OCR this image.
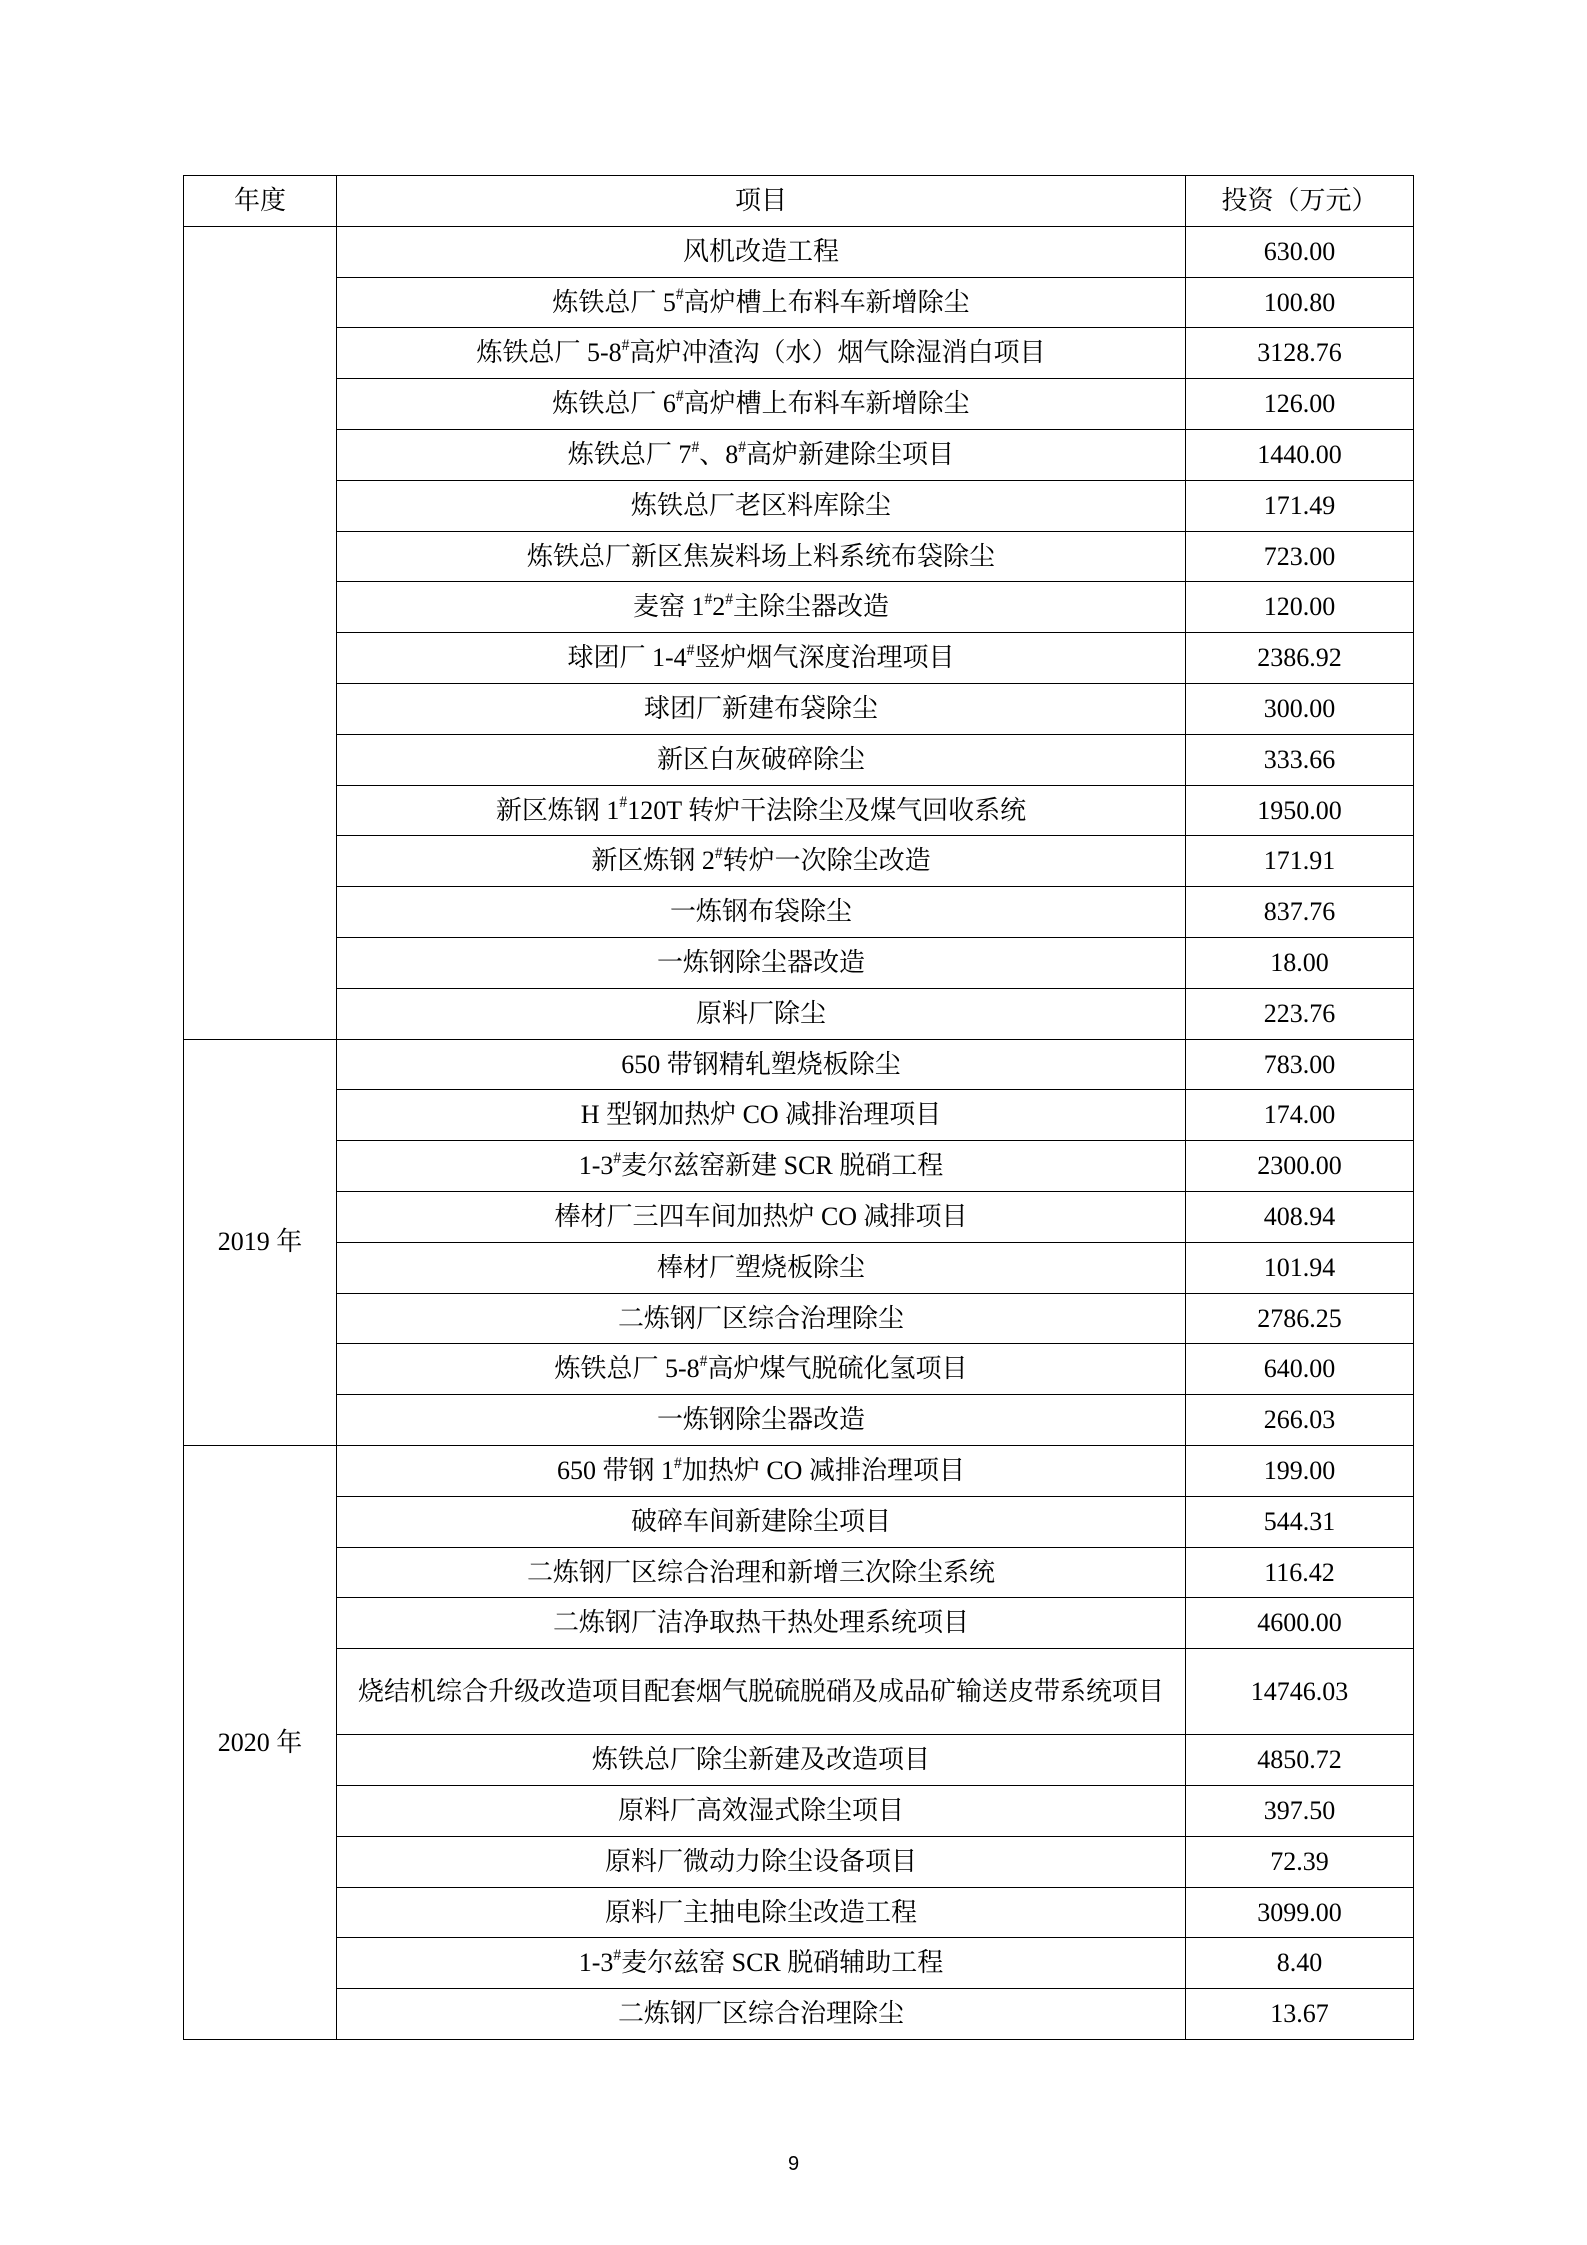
年度	项目	投资（万元）
	风机改造工程	630.00
	炼铁总厂 5#高炉槽上布料车新增除尘	100.80
	炼铁总厂 5-8#高炉冲渣沟（水）烟气除湿消白项目	3128.76
	炼铁总厂 6#高炉槽上布料车新增除尘	126.00
	炼铁总厂 7#、8#高炉新建除尘项目	1440.00
	炼铁总厂老区料库除尘	171.49
	炼铁总厂新区焦炭料场上料系统布袋除尘	723.00
	麦窑 1#2#主除尘器改造	120.00
	球团厂 1-4#竖炉烟气深度治理项目	2386.92
	球团厂新建布袋除尘	300.00
	新区白灰破碎除尘	333.66
	新区炼钢 1#120T 转炉干法除尘及煤气回收系统	1950.00
	新区炼钢 2#转炉一次除尘改造	171.91
	一炼钢布袋除尘	837.76
	一炼钢除尘器改造	18.00
	原料厂除尘	223.76
2019 年	650 带钢精轧塑烧板除尘	783.00
	H 型钢加热炉 CO 减排治理项目	174.00
	1-3#麦尔兹窑新建 SCR 脱硝工程	2300.00
	棒材厂三四车间加热炉 CO 减排项目	408.94
	棒材厂塑烧板除尘	101.94
	二炼钢厂区综合治理除尘	2786.25
	炼铁总厂 5-8#高炉煤气脱硫化氢项目	640.00
	一炼钢除尘器改造	266.03
2020 年	650 带钢 1#加热炉 CO 减排治理项目	199.00
	破碎车间新建除尘项目	544.31
	二炼钢厂区综合治理和新增三次除尘系统	116.42
	二炼钢厂洁净取热干热处理系统项目	4600.00
	烧结机综合升级改造项目配套烟气脱硫脱硝及成品矿输送皮带系统项目	14746.03
	炼铁总厂除尘新建及改造项目	4850.72
	原料厂高效湿式除尘项目	397.50
	原料厂微动力除尘设备项目	72.39
	原料厂主抽电除尘改造工程	3099.00
	1-3#麦尔兹窑 SCR 脱硝辅助工程	8.40
	二炼钢厂区综合治理除尘	13.67
9
